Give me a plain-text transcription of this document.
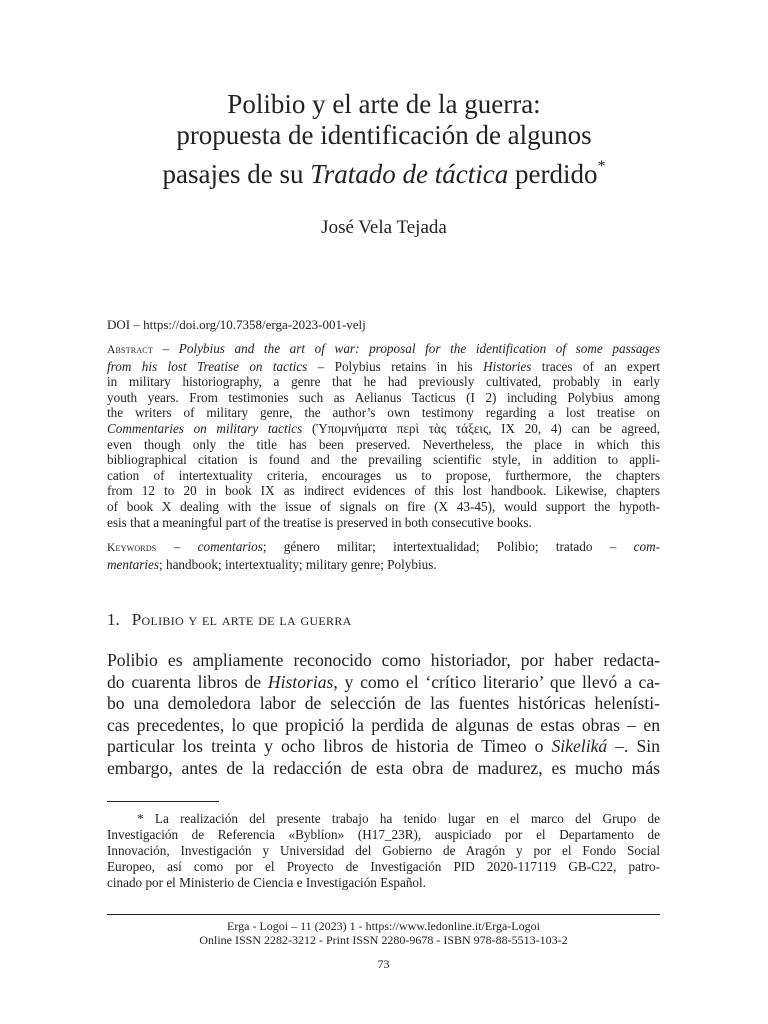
Polibio y el arte de la guerra:
propuesta de identificación de algunos
pasajes de su Tratado de táctica perdido*
José Vela Tejada
DOI – https://doi.org/10.7358/erga-2023-001-velj
Abstract – Polybius and the art of war: proposal for the identification of some passages
from his lost Treatise on tactics – Polybius retains in his Histories traces of an expert
in military historiography, a genre that he had previously cultivated, probably in early
youth years. From testimonies such as Aelianus Tacticus (I 2) including Polybius among
the writers of military genre, the author’s own testimony regarding a lost treatise on
Commentaries on military tactics (Ὑπομνήματα περὶ τὰς τάξεις, IX 20, 4) can be agreed,
even though only the title has been preserved. Nevertheless, the place in which this
bibliographical citation is found and the prevailing scientific style, in addition to appli-
cation of intertextuality criteria, encourages us to propose, furthermore, the chapters
from 12 to 20 in book IX as indirect evidences of this lost handbook. Likewise, chapters
of book X dealing with the issue of signals on fire (X 43-45), would support the hypoth-
esis that a meaningful part of the treatise is preserved in both consecutive books.
Keywords – comentarios; género militar; intertextualidad; Polibio; tratado – com-
mentaries; handbook; intertextuality; military genre; Polybius.
1. Polibio y el arte de la guerra
Polibio es ampliamente reconocido como historiador, por haber redacta-
do cuarenta libros de Historias, y como el ‘crítico literario’ que llevó a ca-
bo una demoledora labor de selección de las fuentes históricas helenísti-
cas precedentes, lo que propició la perdida de algunas de estas obras – en
particular los treinta y ocho libros de historia de Timeo o Sikeliká –. Sin
embargo, antes de la redacción de esta obra de madurez, es mucho más
* La realización del presente trabajo ha tenido lugar en el marco del Grupo de
Investigación de Referencia «Byblíon» (H17_23R), auspiciado por el Departamento de
Innovación, Investigación y Universidad del Gobierno de Aragón y por el Fondo Social
Europeo, así como por el Proyecto de Investigación PID 2020-117119 GB-C22, patro-
cinado por el Ministerio de Ciencia e Investigación Español.
Erga - Logoi – 11 (2023) 1 - https://www.ledonline.it/Erga-Logoi
Online ISSN 2282-3212 - Print ISSN 2280-9678 - ISBN 978-88-5513-103-2
73
